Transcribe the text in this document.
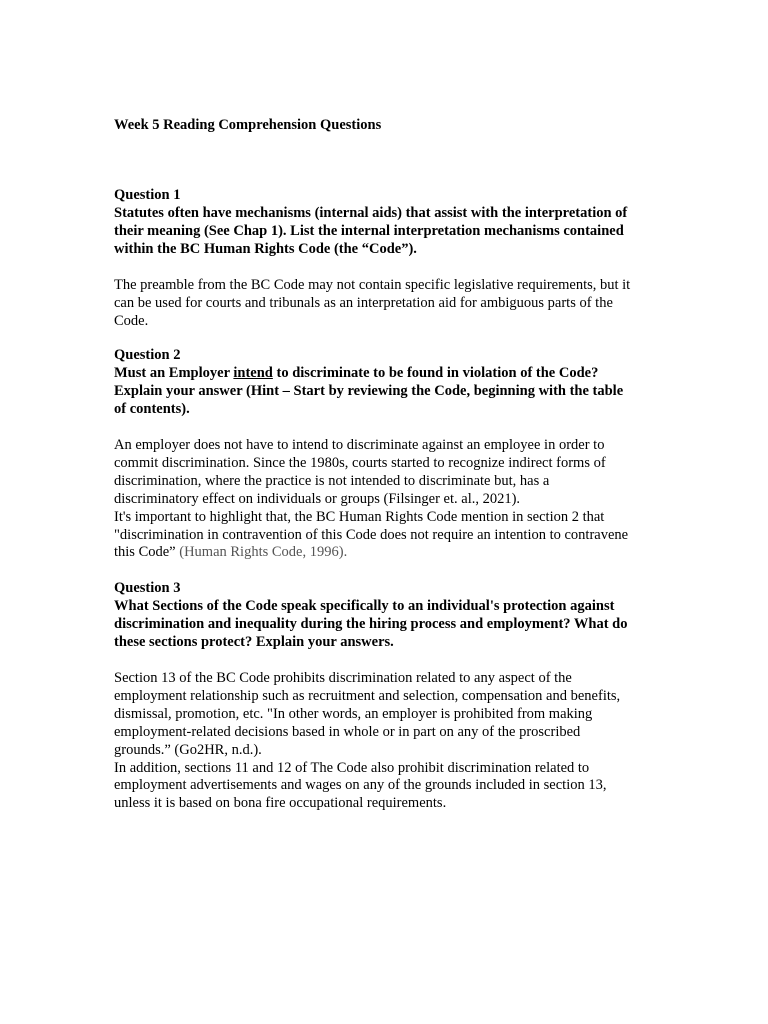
Week 5 Reading Comprehension Questions
Question 1
Statutes often have mechanisms (internal aids) that assist with the interpretation of
their meaning (See Chap 1). List the internal interpretation mechanisms contained
within the BC Human Rights Code (the “Code”).
The preamble from the BC Code may not contain specific legislative requirements, but it
can be used for courts and tribunals as an interpretation aid for ambiguous parts of the
Code.
Question 2
Must an Employer intend to discriminate to be found in violation of the Code?
Explain your answer (Hint – Start by reviewing the Code, beginning with the table
of contents).
An employer does not have to intend to discriminate against an employee in order to
commit discrimination. Since the 1980s, courts started to recognize indirect forms of
discrimination, where the practice is not intended to discriminate but, has a
discriminatory effect on individuals or groups (Filsinger et. al., 2021).
It's important to highlight that, the BC Human Rights Code mention in section 2 that
"discrimination in contravention of this Code does not require an intention to contravene
this Code” (Human Rights Code, 1996).
Question 3
What Sections of the Code speak specifically to an individual's protection against
discrimination and inequality during the hiring process and employment? What do
these sections protect? Explain your answers.
Section 13 of the BC Code prohibits discrimination related to any aspect of the
employment relationship such as recruitment and selection, compensation and benefits,
dismissal, promotion, etc. "In other words, an employer is prohibited from making
employment-related decisions based in whole or in part on any of the proscribed
grounds.” (Go2HR, n.d.).
In addition, sections 11 and 12 of The Code also prohibit discrimination related to
employment advertisements and wages on any of the grounds included in section 13,
unless it is based on bona fire occupational requirements.
